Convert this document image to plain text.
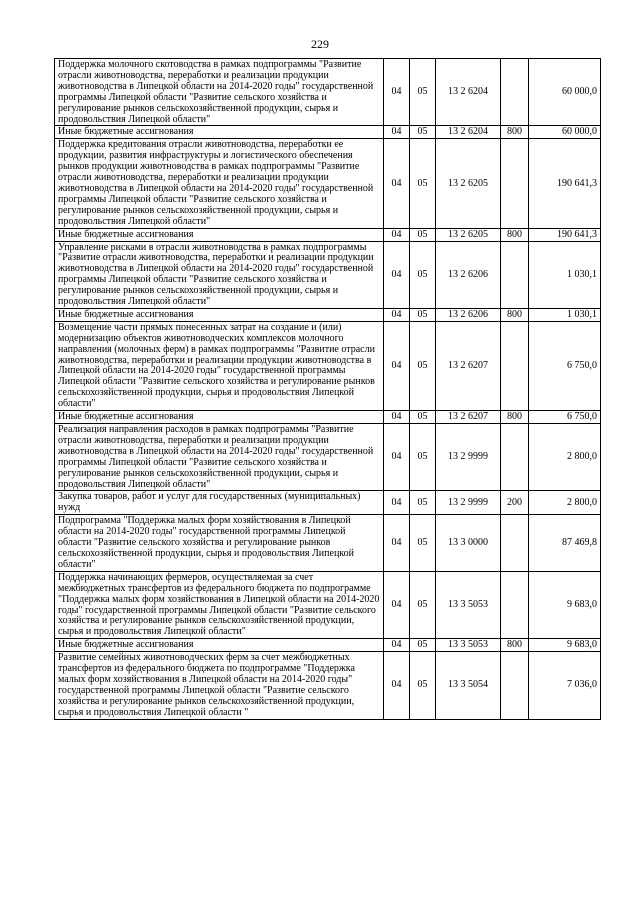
229
Поддержка молочного скотоводства в рамках подпрограммы "Развитие отрасли животноводства, переработки и реализации продукции животноводства в Липецкой области на 2014-2020 годы" государственной программы Липецкой области "Развитие сельского хозяйства и регулирование рынков сельскохозяйственной продукции, сырья и продовольствия Липецкой области"	04	05	13 2 6204		60 000,0
Иные бюджетные ассигнования	04	05	13 2 6204	800	60 000,0
Поддержка кредитования отрасли животноводства, переработки ее продукции, развития инфраструктуры и логистического обеспечения рынков продукции животноводства в рамках подпрограммы "Развитие отрасли животноводства, переработки и реализации продукции животноводства в Липецкой области на 2014-2020 годы" государственной программы Липецкой области "Развитие сельского хозяйства и регулирование рынков сельскохозяйственной продукции, сырья и продовольствия Липецкой области"	04	05	13 2 6205		190 641,3
Иные бюджетные ассигнования	04	05	13 2 6205	800	190 641,3
Управление рисками в отрасли животноводства в рамках подпрограммы "Развитие отрасли животноводства, переработки и реализации продукции животноводства в Липецкой области на 2014-2020 годы" государственной программы Липецкой области "Развитие сельского хозяйства и регулирование рынков сельскохозяйственной продукции, сырья и продовольствия Липецкой области"	04	05	13 2 6206		1 030,1
Иные бюджетные ассигнования	04	05	13 2 6206	800	1 030,1
Возмещение части прямых понесенных затрат на создание и (или) модернизацию объектов животноводческих комплексов молочного направления (молочных ферм) в рамках подпрограммы "Развитие отрасли животноводства, переработки и реализации продукции животноводства в Липецкой области на 2014-2020 годы" государственной программы Липецкой области "Развитие сельского хозяйства и регулирование рынков сельскохозяйственной продукции, сырья и продовольствия Липецкой области"	04	05	13 2 6207		6 750,0
Иные бюджетные ассигнования	04	05	13 2 6207	800	6 750,0
Реализация направления расходов в рамках подпрограммы "Развитие отрасли животноводства, переработки и реализации продукции животноводства в Липецкой области на 2014-2020 годы" государственной программы Липецкой области "Развитие сельского хозяйства и регулирование рынков сельскохозяйственной продукции, сырья и продовольствия Липецкой области"	04	05	13 2 9999		2 800,0
Закупка товаров, работ и услуг для государственных (муниципальных) нужд	04	05	13 2 9999	200	2 800,0
Подпрограмма "Поддержка малых форм хозяйствования в Липецкой области на 2014-2020 годы" государственной программы Липецкой области "Развитие сельского хозяйства и регулирование рынков сельскохозяйственной продукции, сырья и продовольствия Липецкой области"	04	05	13 3 0000		87 469,8
Поддержка начинающих фермеров, осуществляемая за счет межбюджетных трансфертов из федерального бюджета по подпрограмме "Поддержка малых форм хозяйствования в Липецкой области на 2014-2020 годы" государственной программы Липецкой области "Развитие сельского хозяйства и регулирование рынков сельскохозяйственной продукции, сырья и продовольствия Липецкой области"	04	05	13 3 5053		9 683,0
Иные бюджетные ассигнования	04	05	13 3 5053	800	9 683,0
Развитие семейных животноводческих ферм за счет межбюджетных трансфертов из федерального бюджета по подпрограмме "Поддержка малых форм хозяйствования в Липецкой области на 2014-2020 годы" государственной программы Липецкой области "Развитие сельского хозяйства и регулирование рынков сельскохозяйственной продукции, сырья и продовольствия Липецкой области "	04	05	13 3 5054		7 036,0
